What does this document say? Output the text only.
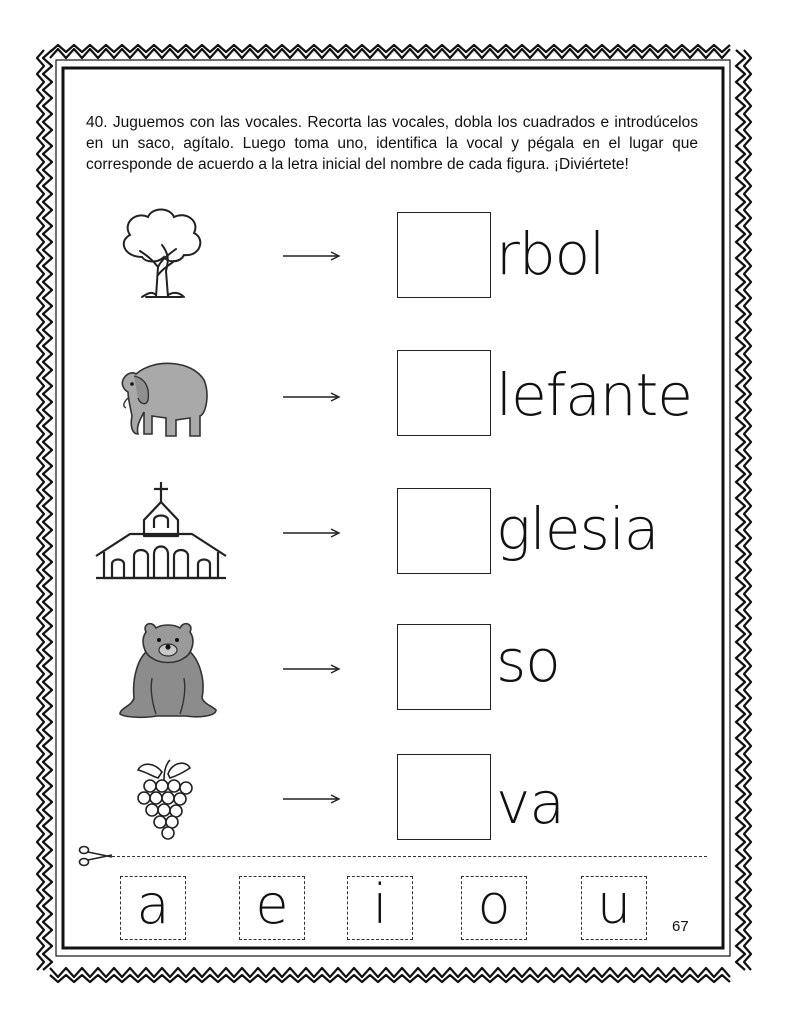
40. Juguemos con las vocales. Recorta las vocales, dobla los cuadrados e introdúcelos en un saco, agítalo. Luego toma uno, identifica la vocal y pégala en el lugar que corresponde de acuerdo a la letra inicial del nombre de cada figura. ¡Diviértete!

rbol
lefante
glesia
so
va
a e i o u	67
